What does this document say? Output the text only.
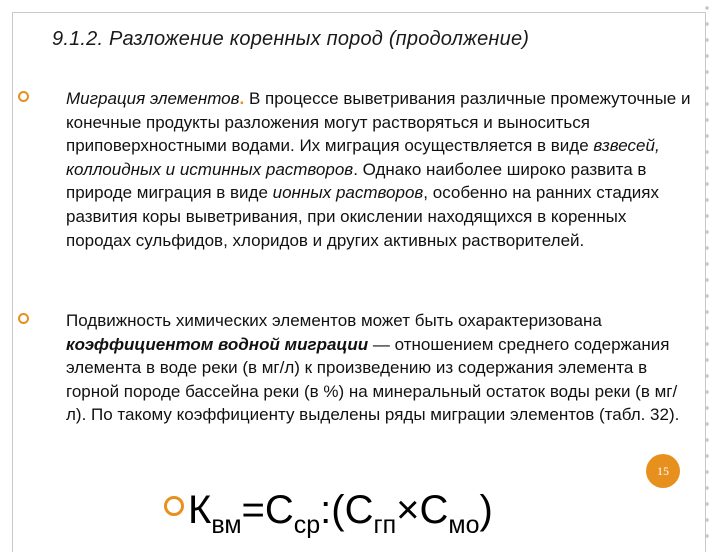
9.1.2. Разложение коренных пород (продолжение)
Миграция элементов. В процессе выветривания различные промежуточные и конечные продукты разложения могут растворяться и выноситься приповерхностными водами. Их миграция осуществляется в виде взвесей, коллоидных и истинных растворов. Однако наиболее широко развита в природе миграция в виде ионных растворов, особенно на ранних стадиях развития коры выветривания, при окислении находящихся в коренных породах сульфидов, хлоридов и других активных растворителей.
Подвижность химических элементов может быть охарактеризована коэффициентом водной миграции — отношением среднего содержания элемента в воде реки (в мг/л) к произведению из содержания элемента в горной породе бассейна реки (в %) на минеральный остаток воды реки (в мг/л). По такому коэффициенту выделены ряды миграции элементов (табл. 32).
15
$К_{вм}=С_{ср}:(С_{гп}\times С_{мо})$
